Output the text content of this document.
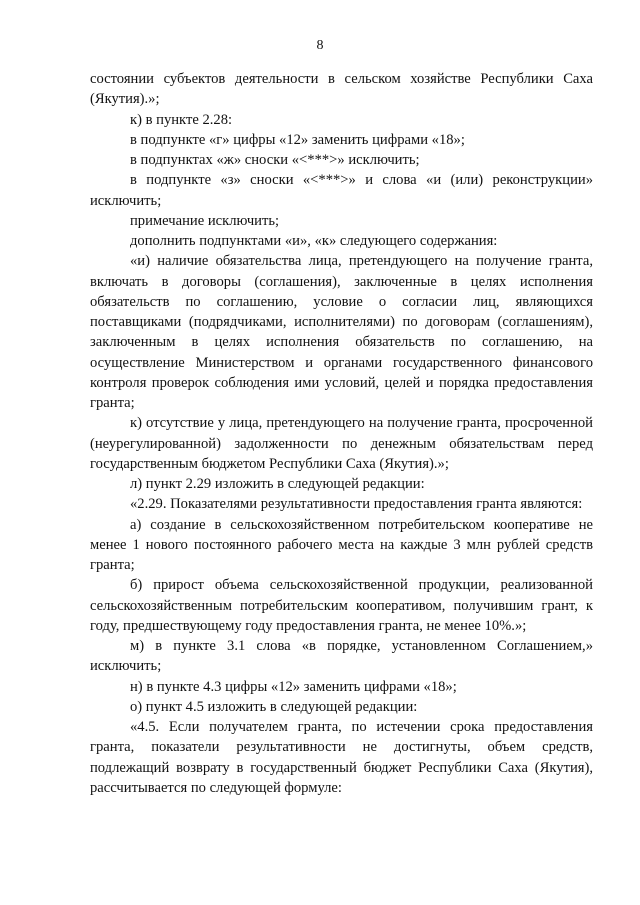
8

состоянии субъектов деятельности в сельском хозяйстве Республики Саха (Якутия).»;

к) в пункте 2.28:

в подпункте «г» цифры «12» заменить цифрами «18»;

в подпунктах «ж» сноски «<***>» исключить;

в подпункте «з» сноски «<***>» и слова «и (или) реконструкции» исключить;

примечание исключить;

дополнить подпунктами «и», «к» следующего содержания:

«и) наличие обязательства лица, претендующего на получение гранта, включать в договоры (соглашения), заключенные в целях исполнения обязательств по соглашению, условие о согласии лиц, являющихся поставщиками (подрядчиками, исполнителями) по договорам (соглашениям), заключенным в целях исполнения обязательств по соглашению, на осуществление Министерством и органами государственного финансового контроля проверок соблюдения ими условий, целей и порядка предоставления гранта;

к) отсутствие у лица, претендующего на получение гранта, просроченной (неурегулированной) задолженности по денежным обязательствам перед государственным бюджетом Республики Саха (Якутия).»;

л) пункт 2.29 изложить в следующей редакции:

«2.29. Показателями результативности предоставления гранта являются:

а) создание в сельскохозяйственном потребительском кооперативе не менее 1 нового постоянного рабочего места на каждые 3 млн рублей средств гранта;

б) прирост объема сельскохозяйственной продукции, реализованной сельскохозяйственным потребительским кооперативом, получившим грант, к году, предшествующему году предоставления гранта, не менее 10%.»;

м) в пункте 3.1 слова «в порядке, установленном Соглашением,» исключить;

н) в пункте 4.3 цифры «12» заменить цифрами «18»;

о) пункт 4.5 изложить в следующей редакции:

«4.5. Если получателем гранта, по истечении срока предоставления гранта, показатели результативности не достигнуты, объем средств, подлежащий возврату в государственный бюджет Республики Саха (Якутия), рассчитывается по следующей формуле:
